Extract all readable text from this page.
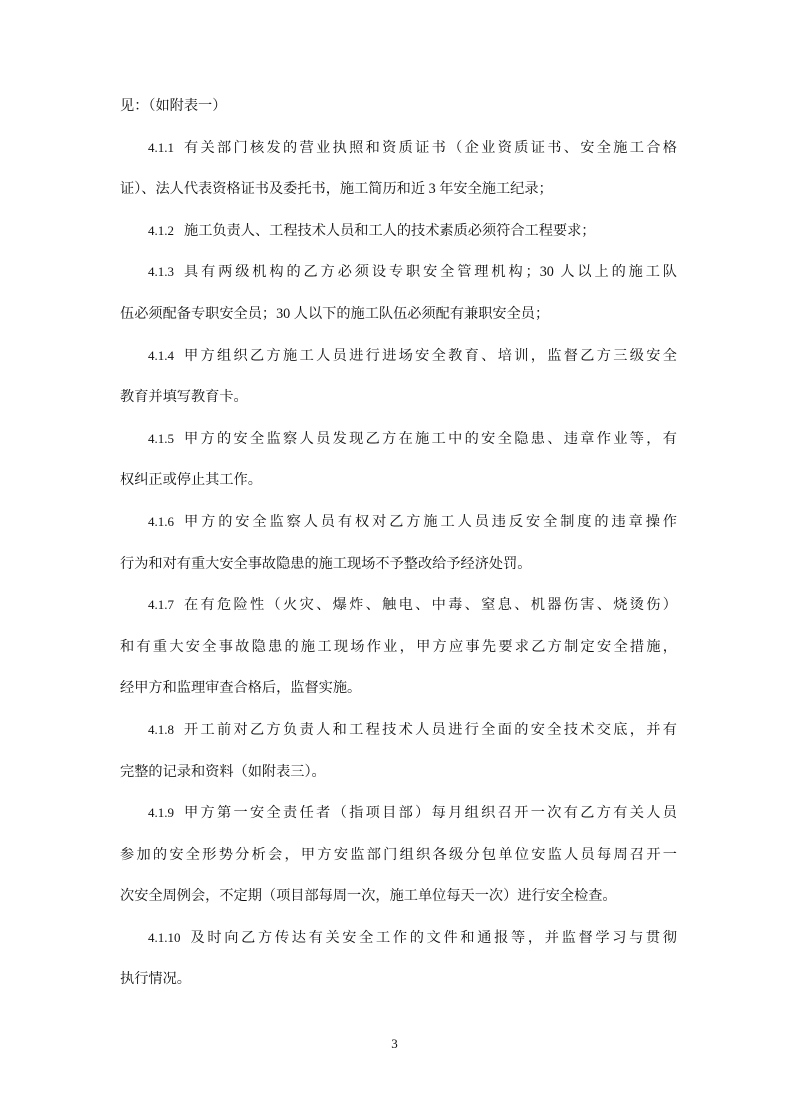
见：（如附表一）
4.1.1 有关部门核发的营业执照和资质证书（企业资质证书、安全施工合格
证）、法人代表资格证书及委托书，施工简历和近 3 年安全施工纪录；
4.1.2 施工负责人、工程技术人员和工人的技术素质必须符合工程要求；
4.1.3 具有两级机构的乙方必须设专职安全管理机构；30 人以上的施工队
伍必须配备专职安全员；30 人以下的施工队伍必须配有兼职安全员；
4.1.4 甲方组织乙方施工人员进行进场安全教育、培训，监督乙方三级安全
教育并填写教育卡。
4.1.5 甲方的安全监察人员发现乙方在施工中的安全隐患、违章作业等，有
权纠正或停止其工作。
4.1.6 甲方的安全监察人员有权对乙方施工人员违反安全制度的违章操作
行为和对有重大安全事故隐患的施工现场不予整改给予经济处罚。
4.1.7 在有危险性（火灾、爆炸、触电、中毒、窒息、机器伤害、烧烫伤）
和有重大安全事故隐患的施工现场作业，甲方应事先要求乙方制定安全措施，
经甲方和监理审查合格后，监督实施。
4.1.8 开工前对乙方负责人和工程技术人员进行全面的安全技术交底，并有
完整的记录和资料（如附表三）。
4.1.9 甲方第一安全责任者（指项目部）每月组织召开一次有乙方有关人员
参加的安全形势分析会，甲方安监部门组织各级分包单位安监人员每周召开一
次安全周例会，不定期（项目部每周一次，施工单位每天一次）进行安全检查。
4.1.10 及时向乙方传达有关安全工作的文件和通报等，并监督学习与贯彻
执行情况。
3
